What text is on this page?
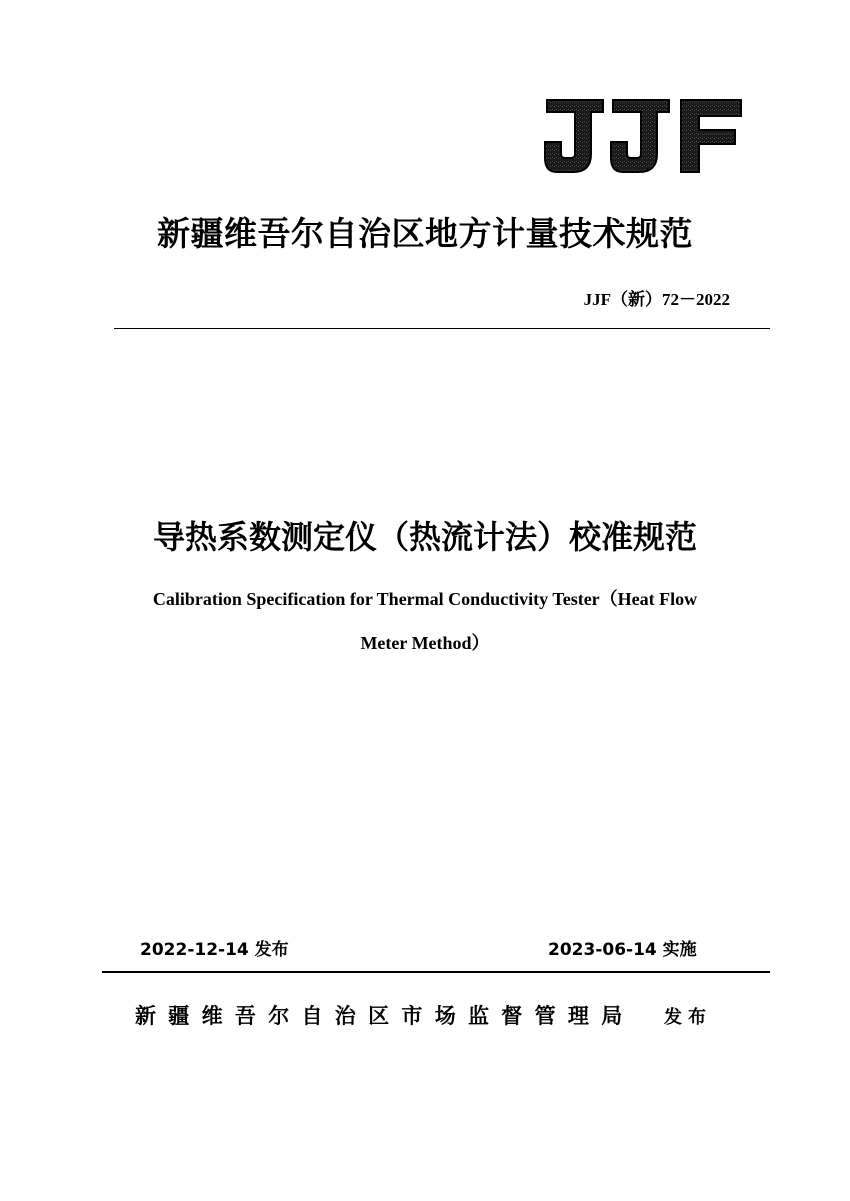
新疆维吾尔自治区地方计量技术规范
JJF（新）72－2022
导热系数测定仪（热流计法）校准规范
Calibration Specification for Thermal Conductivity Tester（Heat Flow
Meter Method）
2022-12-14 发布	2023-06-14 实施
新疆维吾尔自治区市场监督管理局 发布
